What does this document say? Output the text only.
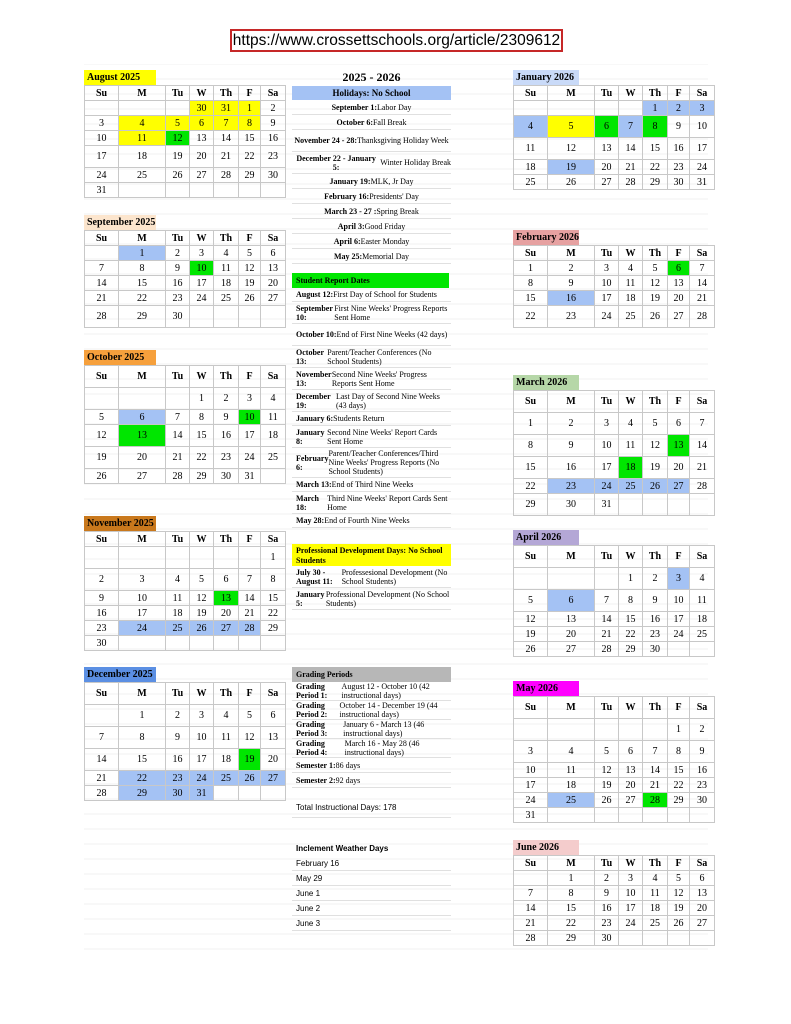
https://www.crossettschools.org/article/2309612
August 2025
Su	M	Tu	W	Th	F	Sa
			30	31	1	2
3	4	5	6	7	8	9
10	11	12	13	14	15	16
17	18	19	20	21	22	23
24	25	26	27	28	29	30
31						
September 2025
Su	M	Tu	W	Th	F	Sa
	1	2	3	4	5	6
7	8	9	10	11	12	13
14	15	16	17	18	19	20
21	22	23	24	25	26	27
28	29	30				
October 2025
Su	M	Tu	W	Th	F	Sa
			1	2	3	4
5	6	7	8	9	10	11
12	13	14	15	16	17	18
19	20	21	22	23	24	25
26	27	28	29	30	31	
November 2025
Su	M	Tu	W	Th	F	Sa
						1
2	3	4	5	6	7	8
9	10	11	12	13	14	15
16	17	18	19	20	21	22
23	24	25	26	27	28	29
30						
December 2025
Su	M	Tu	W	Th	F	Sa
	1	2	3	4	5	6
7	8	9	10	11	12	13
14	15	16	17	18	19	20
21	22	23	24	25	26	27
28	29	30	31			
January 2026
Su	M	Tu	W	Th	F	Sa
				1	2	3
4	5	6	7	8	9	10
11	12	13	14	15	16	17
18	19	20	21	22	23	24
25	26	27	28	29	30	31
February 2026
Su	M	Tu	W	Th	F	Sa
1	2	3	4	5	6	7
8	9	10	11	12	13	14
15	16	17	18	19	20	21
22	23	24	25	26	27	28
March 2026
Su	M	Tu	W	Th	F	Sa
1	2	3	4	5	6	7
8	9	10	11	12	13	14
15	16	17	18	19	20	21
22	23	24	25	26	27	28
29	30	31				
April 2026
Su	M	Tu	W	Th	F	Sa
			1	2	3	4
5	6	7	8	9	10	11
12	13	14	15	16	17	18
19	20	21	22	23	24	25
26	27	28	29	30		
May 2026
Su	M	Tu	W	Th	F	Sa
					1	2
3	4	5	6	7	8	9
10	11	12	13	14	15	16
17	18	19	20	21	22	23
24	25	26	27	28	29	30
31						
June 2026
Su	M	Tu	W	Th	F	Sa
	1	2	3	4	5	6
7	8	9	10	11	12	13
14	15	16	17	18	19	20
21	22	23	24	25	26	27
28	29	30				
2025 - 2026
Holidays: No School
September 1: Labor Day
October 6: Fall Break
November 24 - 28: Thanksgiving Holiday Week
December 22 - January 5:	Winter Holiday Break
January 19: MLK, Jr Day
February 16: Presidents' Day
March 23 - 27 : Spring Break
April 3: Good Friday
April 6: Easter Monday
May 25: Memorial Day
Student Report Dates
August 12: First Day of School for Students
September 10:
First Nine Weeks' Progress Reports Sent Home
October 10: End of First Nine Weeks (42 days)
October 13:
Parent/Teacher Conferences (No School Students)
November 13:
Second Nine Weeks' Progress Reports Sent Home
December 19:
Last Day of Second Nine Weeks (43 days)
January 6: Students Return
January 8:
Second Nine Weeks' Report Cards Sent Home
February 6:
Parent/Teacher Conferences/Third Nine Weeks' Progress Reports (No School Students)
March 13: End of Third Nine Weeks
March 18:
Third Nine Weeks' Report Cards Sent Home
May 28: End of Fourth Nine Weeks
Professional Development Days: No School Students
July 30 - August 11:
Professesional Development (No School Students)
January 5:
Professional Development (No School Students)
Grading Periods
Grading Period 1:
August 12 - October 10 (42 instructional days)
Grading Period 2:
October 14 - December 19 (44 instructional days)
Grading Period 3:
January 6 - March 13 (46 instructional days)
Grading Period 4:
March 16 - May 28 (46 instructional days)
Semester 1: 86 days
Semester 2: 92 days
Total Instructional Days: 178
Inclement Weather Days
February 16
May 29
June 1
June 2
June 3
